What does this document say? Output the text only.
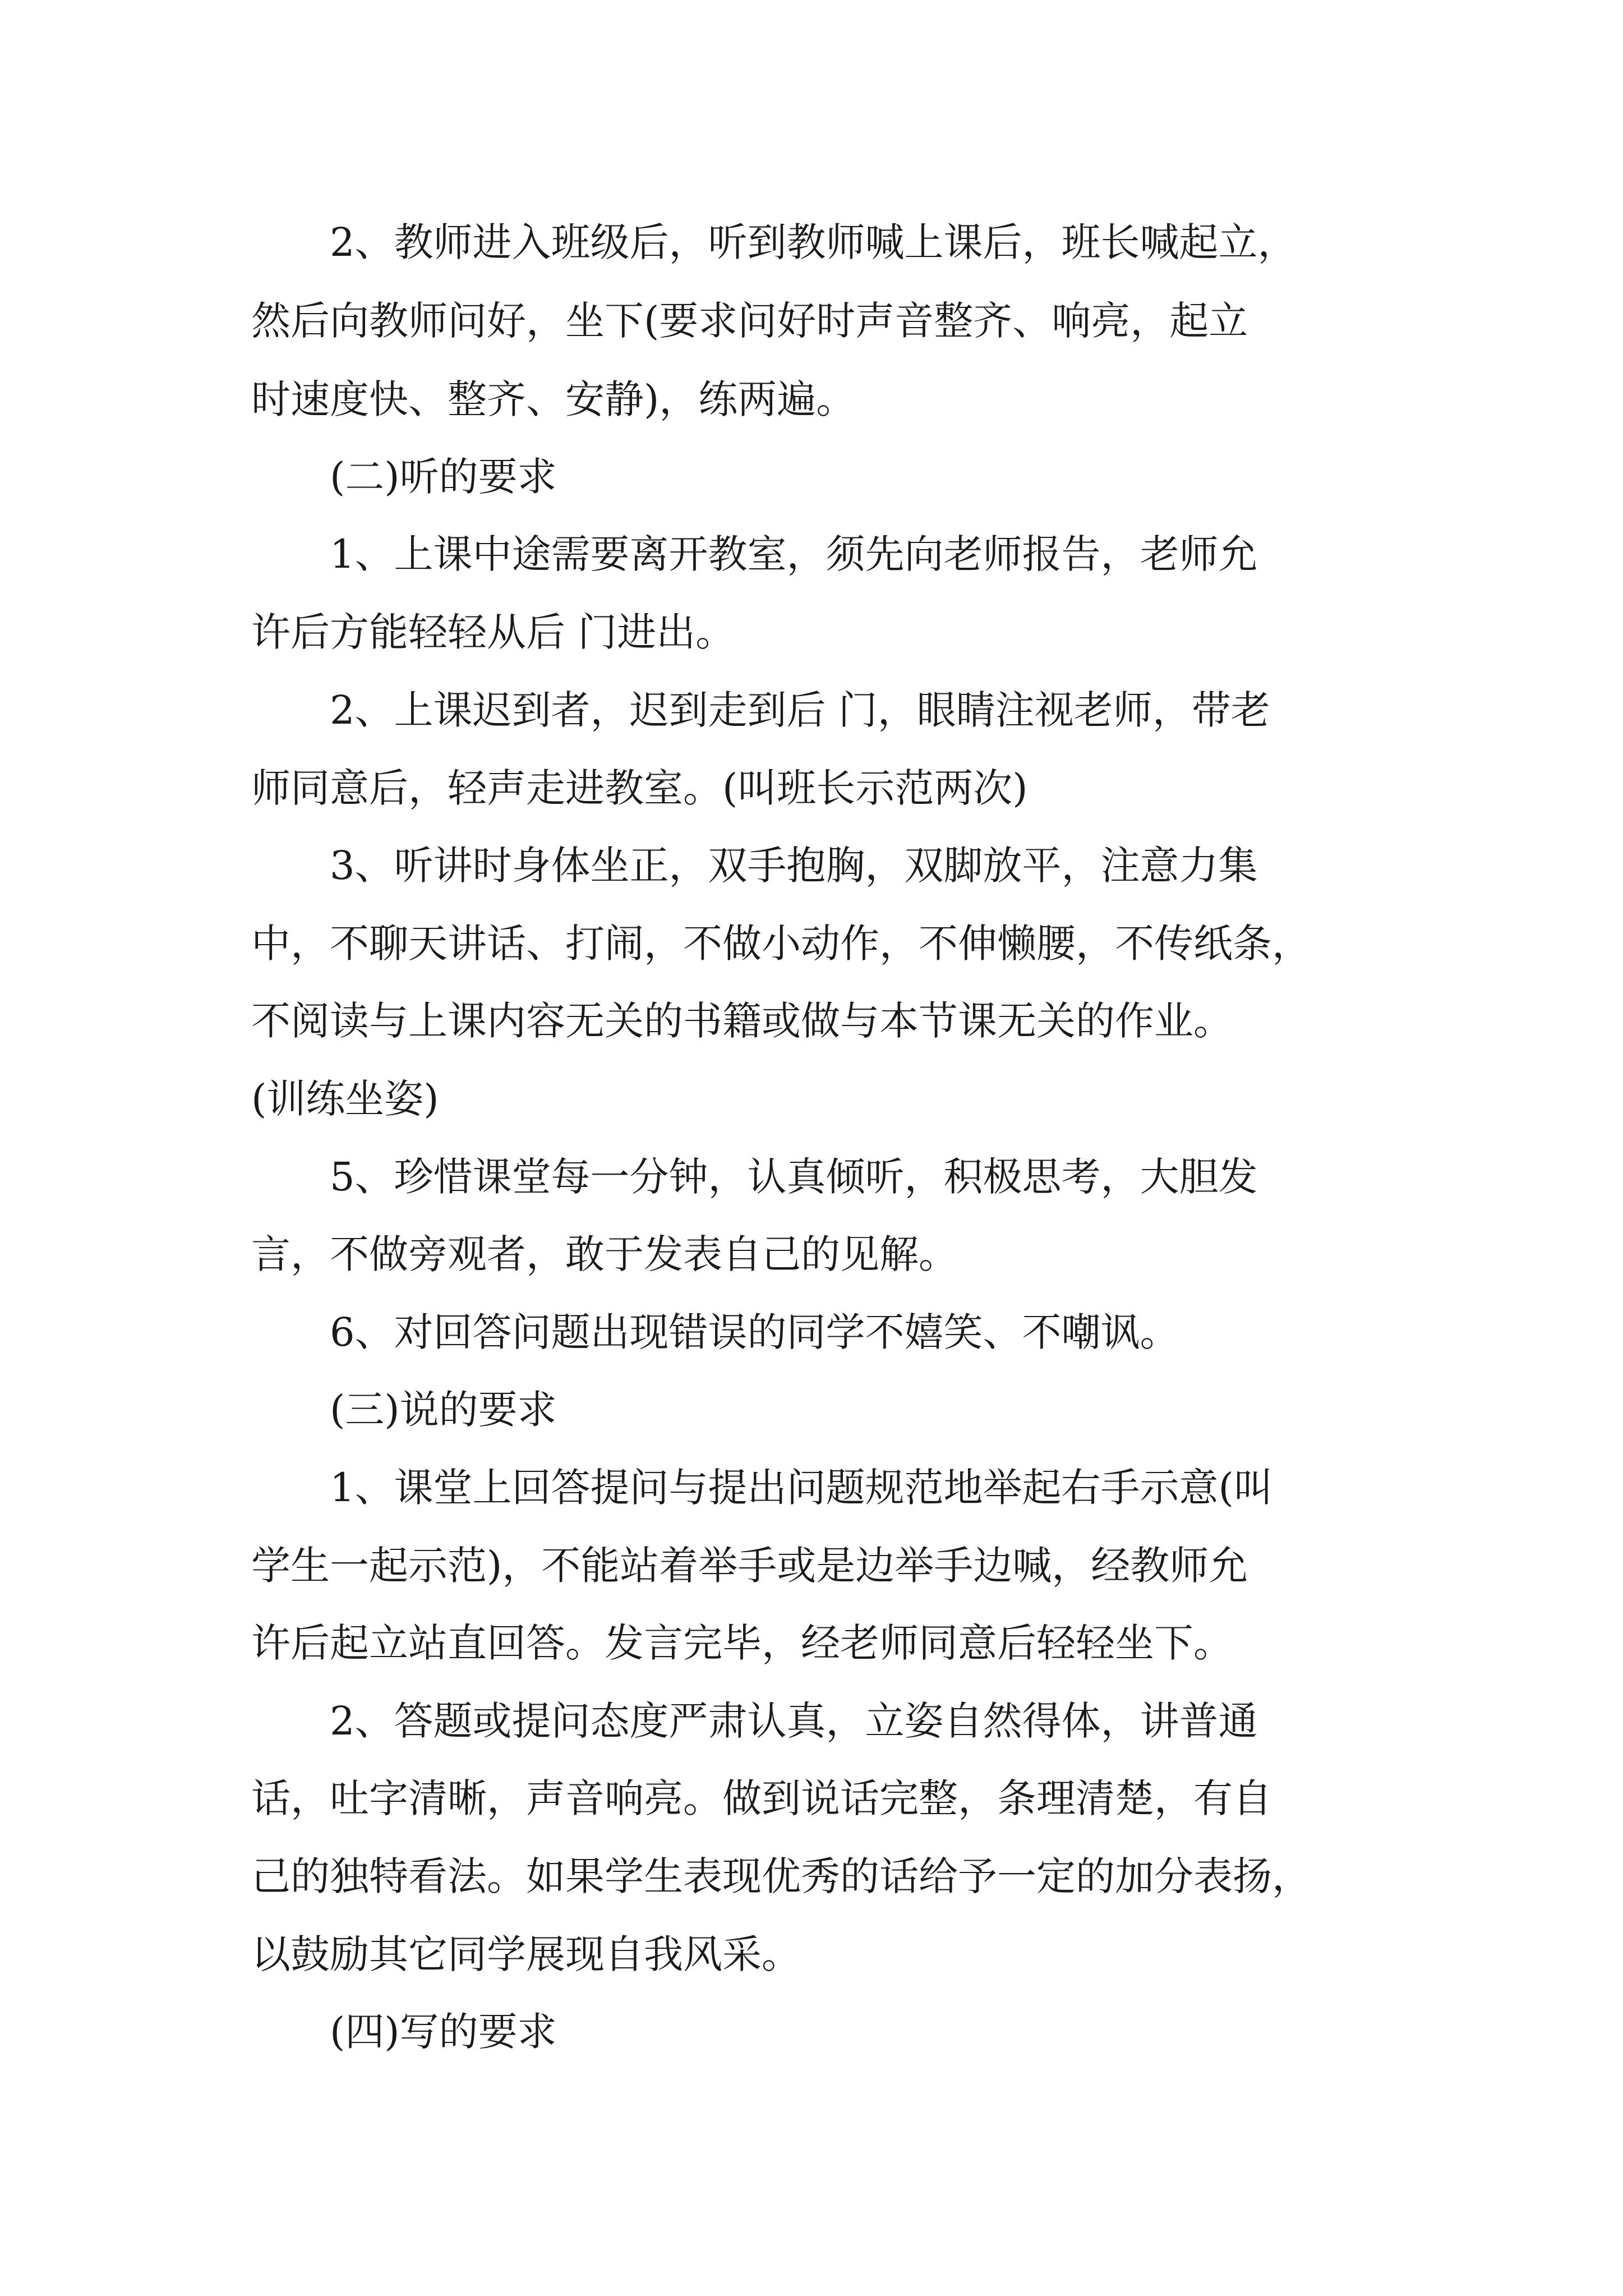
2、教师进入班级后，听到教师喊上课后，班长喊起立，
然后向教师问好，坐下(要求问好时声音整齐、响亮，起立
时速度快、整齐、安静)，练两遍。
(二)听的要求
1、上课中途需要离开教室，须先向老师报告，老师允
许后方能轻轻从后 门进出。
2、上课迟到者，迟到走到后 门，眼睛注视老师，带老
师同意后，轻声走进教室。(叫班长示范两次)
3、听讲时身体坐正，双手抱胸，双脚放平，注意力集
中，不聊天讲话、打闹，不做小动作，不伸懒腰，不传纸条，
不阅读与上课内容无关的书籍或做与本节课无关的作业。
(训练坐姿)
5、珍惜课堂每一分钟，认真倾听，积极思考，大胆发
言，不做旁观者，敢于发表自己的见解。
6、对回答问题出现错误的同学不嬉笑、不嘲讽。
(三)说的要求
1、课堂上回答提问与提出问题规范地举起右手示意(叫
学生一起示范)，不能站着举手或是边举手边喊，经教师允
许后起立站直回答。发言完毕，经老师同意后轻轻坐下。
2、答题或提问态度严肃认真，立姿自然得体，讲普通
话，吐字清晰，声音响亮。做到说话完整，条理清楚，有自
己的独特看法。如果学生表现优秀的话给予一定的加分表扬，
以鼓励其它同学展现自我风采。
(四)写的要求
